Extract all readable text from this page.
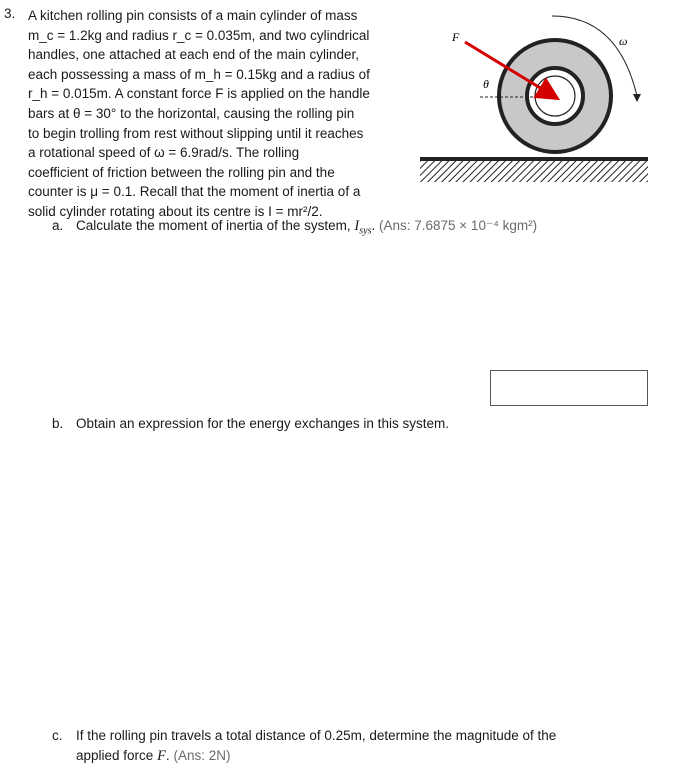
3. A kitchen rolling pin consists of a main cylinder of mass
m_c = 1.2kg and radius r_c = 0.035m, and two cylindrical
handles, one attached at each end of the main cylinder,
each possessing a mass of m_h = 0.15kg and a radius of
r_h = 0.015m. A constant force F is applied on the handle
bars at θ = 30° to the horizontal, causing the rolling pin
to begin trolling from rest without slipping until it reaches
a rotational speed of ω = 6.9rad/s. The rolling
coefficient of friction between the rolling pin and the
counter is μ = 0.1. Recall that the moment of inertia of a
solid cylinder rotating about its centre is I = mr²/2.
F
θ
ω
a. Calculate the moment of inertia of the system, $I_{sys}$. (Ans: 7.6875 × 10⁻⁴ kgm²)
b. Obtain an expression for the energy exchanges in this system.
c. If the rolling pin travels a total distance of 0.25m, determine the magnitude of the
applied force F. (Ans: 2N)
